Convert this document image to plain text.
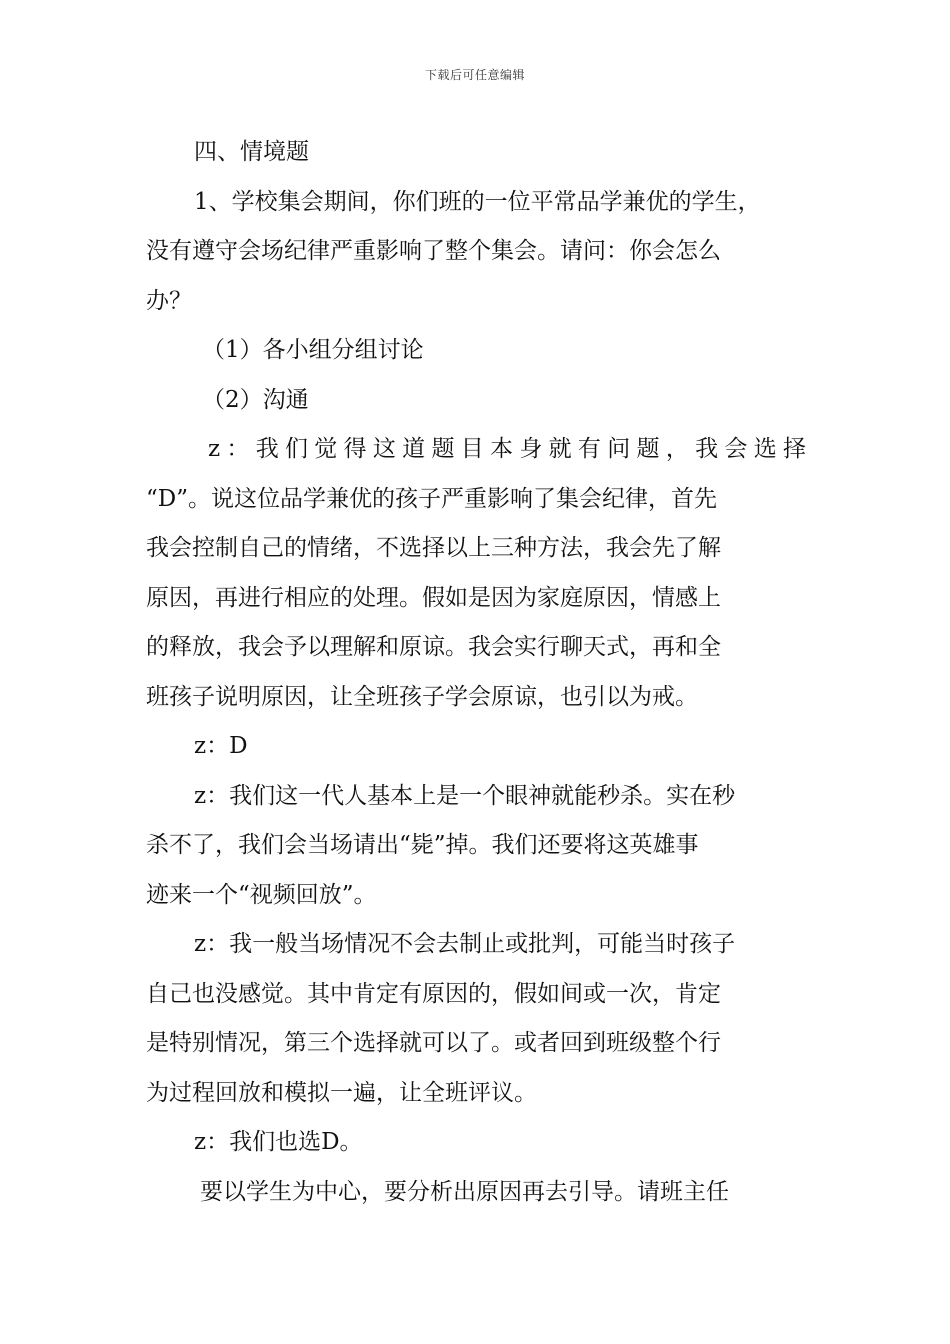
下载后可任意编辑

四、情境题

1、学校集会期间，你们班的一位平常品学兼优的学生，

没有遵守会场纪律严重影响了整个集会。请问：你会怎么

办？

（1）各小组分组讨论

（2）沟通

z：我们觉得这道题目本身就有问题，我会选择

“D”。说这位品学兼优的孩子严重影响了集会纪律，首先

我会控制自己的情绪，不选择以上三种方法，我会先了解

原因，再进行相应的处理。假如是因为家庭原因，情感上

的释放，我会予以理解和原谅。我会实行聊天式，再和全

班孩子说明原因，让全班孩子学会原谅，也引以为戒。

z：D

z：我们这一代人基本上是一个眼神就能秒杀。实在秒

杀不了，我们会当场请出“毙”掉。我们还要将这英雄事

迹来一个“视频回放”。

z：我一般当场情况不会去制止或批判，可能当时孩子

自己也没感觉。其中肯定有原因的，假如间或一次，肯定

是特别情况，第三个选择就可以了。或者回到班级整个行

为过程回放和模拟一遍，让全班评议。

z：我们也选D。

要以学生为中心，要分析出原因再去引导。请班主任
